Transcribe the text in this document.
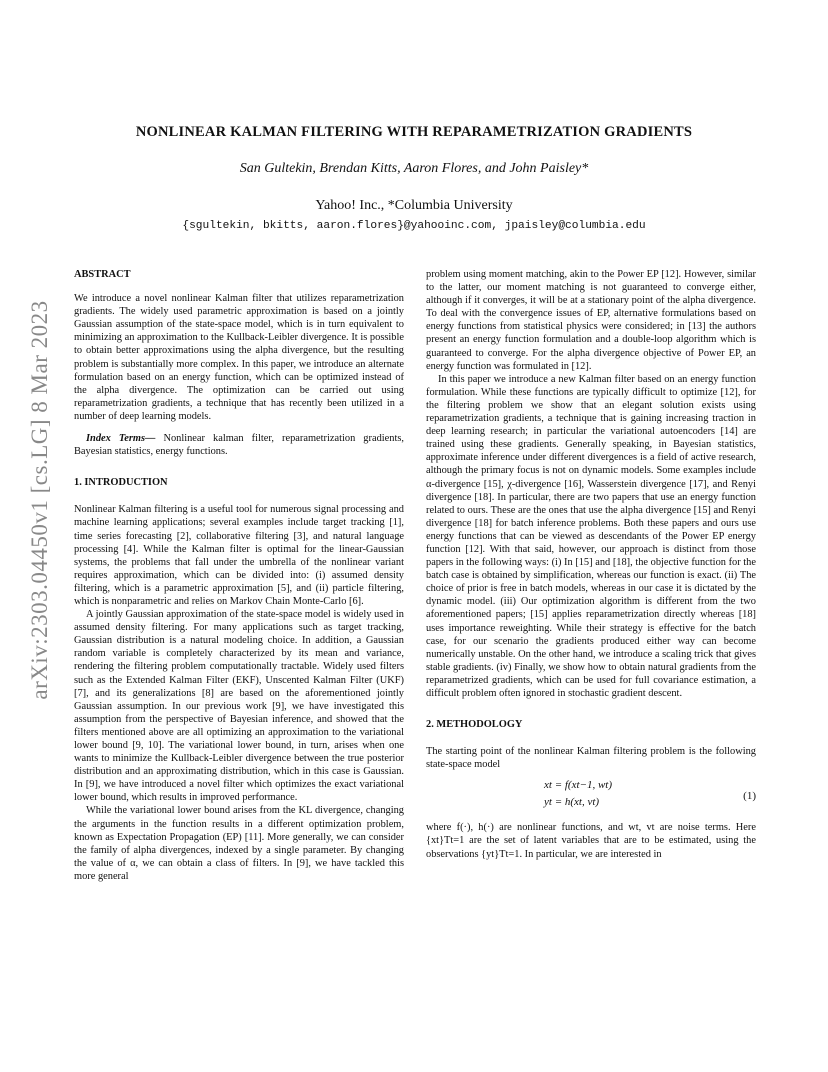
arXiv:2303.04450v1 [cs.LG] 8 Mar 2023
NONLINEAR KALMAN FILTERING WITH REPARAMETRIZATION GRADIENTS
San Gultekin, Brendan Kitts, Aaron Flores, and John Paisley*
Yahoo! Inc., *Columbia University
{sgultekin, bkitts, aaron.flores}@yahooinc.com, jpaisley@columbia.edu

ABSTRACT

We introduce a novel nonlinear Kalman filter that utilizes reparametrization gradients. The widely used parametric approximation is based on a jointly Gaussian assumption of the state-space model, which is in turn equivalent to minimizing an approximation to the Kullback-Leibler divergence. It is possible to obtain better approximations using the alpha divergence, but the resulting problem is substantially more complex. In this paper, we introduce an alternate formulation based on an energy function, which can be optimized instead of the alpha divergence. The optimization can be carried out using reparametrization gradients, a technique that has recently been utilized in a number of deep learning models.

Index Terms— Nonlinear kalman filter, reparametrization gradients, Bayesian statistics, energy functions.

1. INTRODUCTION

Nonlinear Kalman filtering is a useful tool for numerous signal processing and machine learning applications; several examples include target tracking [1], time series forecasting [2], collaborative filtering [3], and natural language processing [4]. While the Kalman filter is optimal for the linear-Gaussian systems, the problems that fall under the umbrella of the nonlinear variant requires approximation, which can be divided into: (i) assumed density filtering, which is a parametric approximation [5], and (ii) particle filtering, which is nonparametric and relies on Markov Chain Monte-Carlo [6].

A jointly Gaussian approximation of the state-space model is widely used in assumed density filtering. For many applications such as target tracking, Gaussian distribution is a natural modeling choice. In addition, a Gaussian random variable is completely characterized by its mean and variance, rendering the filtering problem computationally tractable. Widely used filters such as the Extended Kalman Filter (EKF), Unscented Kalman Filter (UKF) [7], and its generalizations [8] are based on the aforementioned jointly Gaussian assumption. In our previous work [9], we have investigated this assumption from the perspective of Bayesian inference, and showed that the filters mentioned above are all optimizing an approximation to the variational lower bound [9, 10]. The variational lower bound, in turn, arises when one wants to minimize the Kullback-Leibler divergence between the true posterior distribution and an approximating distribution, which in this case is Gaussian. In [9], we have introduced a novel filter which optimizes the exact variational lower bound, which results in improved performance.

While the variational lower bound arises from the KL divergence, changing the arguments in the function results in a different optimization problem, known as Expectation Propagation (EP) [11]. More generally, we can consider the family of alpha divergences, indexed by a single parameter. By changing the value of α, we can obtain a class of filters. In [9], we have tackled this more general

problem using moment matching, akin to the Power EP [12]. However, similar to the latter, our moment matching is not guaranteed to converge either, although if it converges, it will be at a stationary point of the alpha divergence. To deal with the convergence issues of EP, alternative formulations based on energy functions from statistical physics were considered; in [13] the authors present an energy function formulation and a double-loop algorithm which is guaranteed to converge. For the alpha divergence objective of Power EP, an energy function was formulated in [12].

In this paper we introduce a new Kalman filter based on an energy function formulation. While these functions are typically difficult to optimize [12], for the filtering problem we show that an elegant solution exists using reparametrization gradients, a technique that is gaining increasing traction in deep learning research; in particular the variational autoencoders [14] are trained using these gradients. Generally speaking, in Bayesian statistics, approximate inference under different divergences is a field of active research, although the primary focus is not on dynamic models. Some examples include α-divergence [15], χ-divergence [16], Wasserstein divergence [17], and Renyi divergence [18]. In particular, there are two papers that use an energy function related to ours. These are the ones that use the alpha divergence [15] and Renyi divergence [18] for batch inference problems. Both these papers and ours use energy functions that can be viewed as descendants of the Power EP energy function [12]. With that said, however, our approach is distinct from those papers in the following ways: (i) In [15] and [18], the objective function for the batch case is obtained by simplification, whereas our function is exact. (ii) The choice of prior is free in batch models, whereas in our case it is dictated by the dynamic model. (iii) Our optimization algorithm is different from the two aforementioned papers; [15] applies reparametrization directly whereas [18] uses importance reweighting. While their strategy is effective for the batch case, for our scenario the gradients produced either way can become numerically unstable. On the other hand, we introduce a scaling trick that gives stable gradients. (iv) Finally, we show how to obtain natural gradients from the reparametrized gradients, which can be used for full covariance estimation, a difficult problem often ignored in stochastic gradient descent.

2. METHODOLOGY

The starting point of the nonlinear Kalman filtering problem is the following state-space model

xt = f(xt−1, wt)
yt = h(xt, vt)	(1)

where f(·), h(·) are nonlinear functions, and wt, vt are noise terms. Here {xt}Tt=1 are the set of latent variables that are to be estimated, using the observations {yt}Tt=1. In particular, we are interested in
